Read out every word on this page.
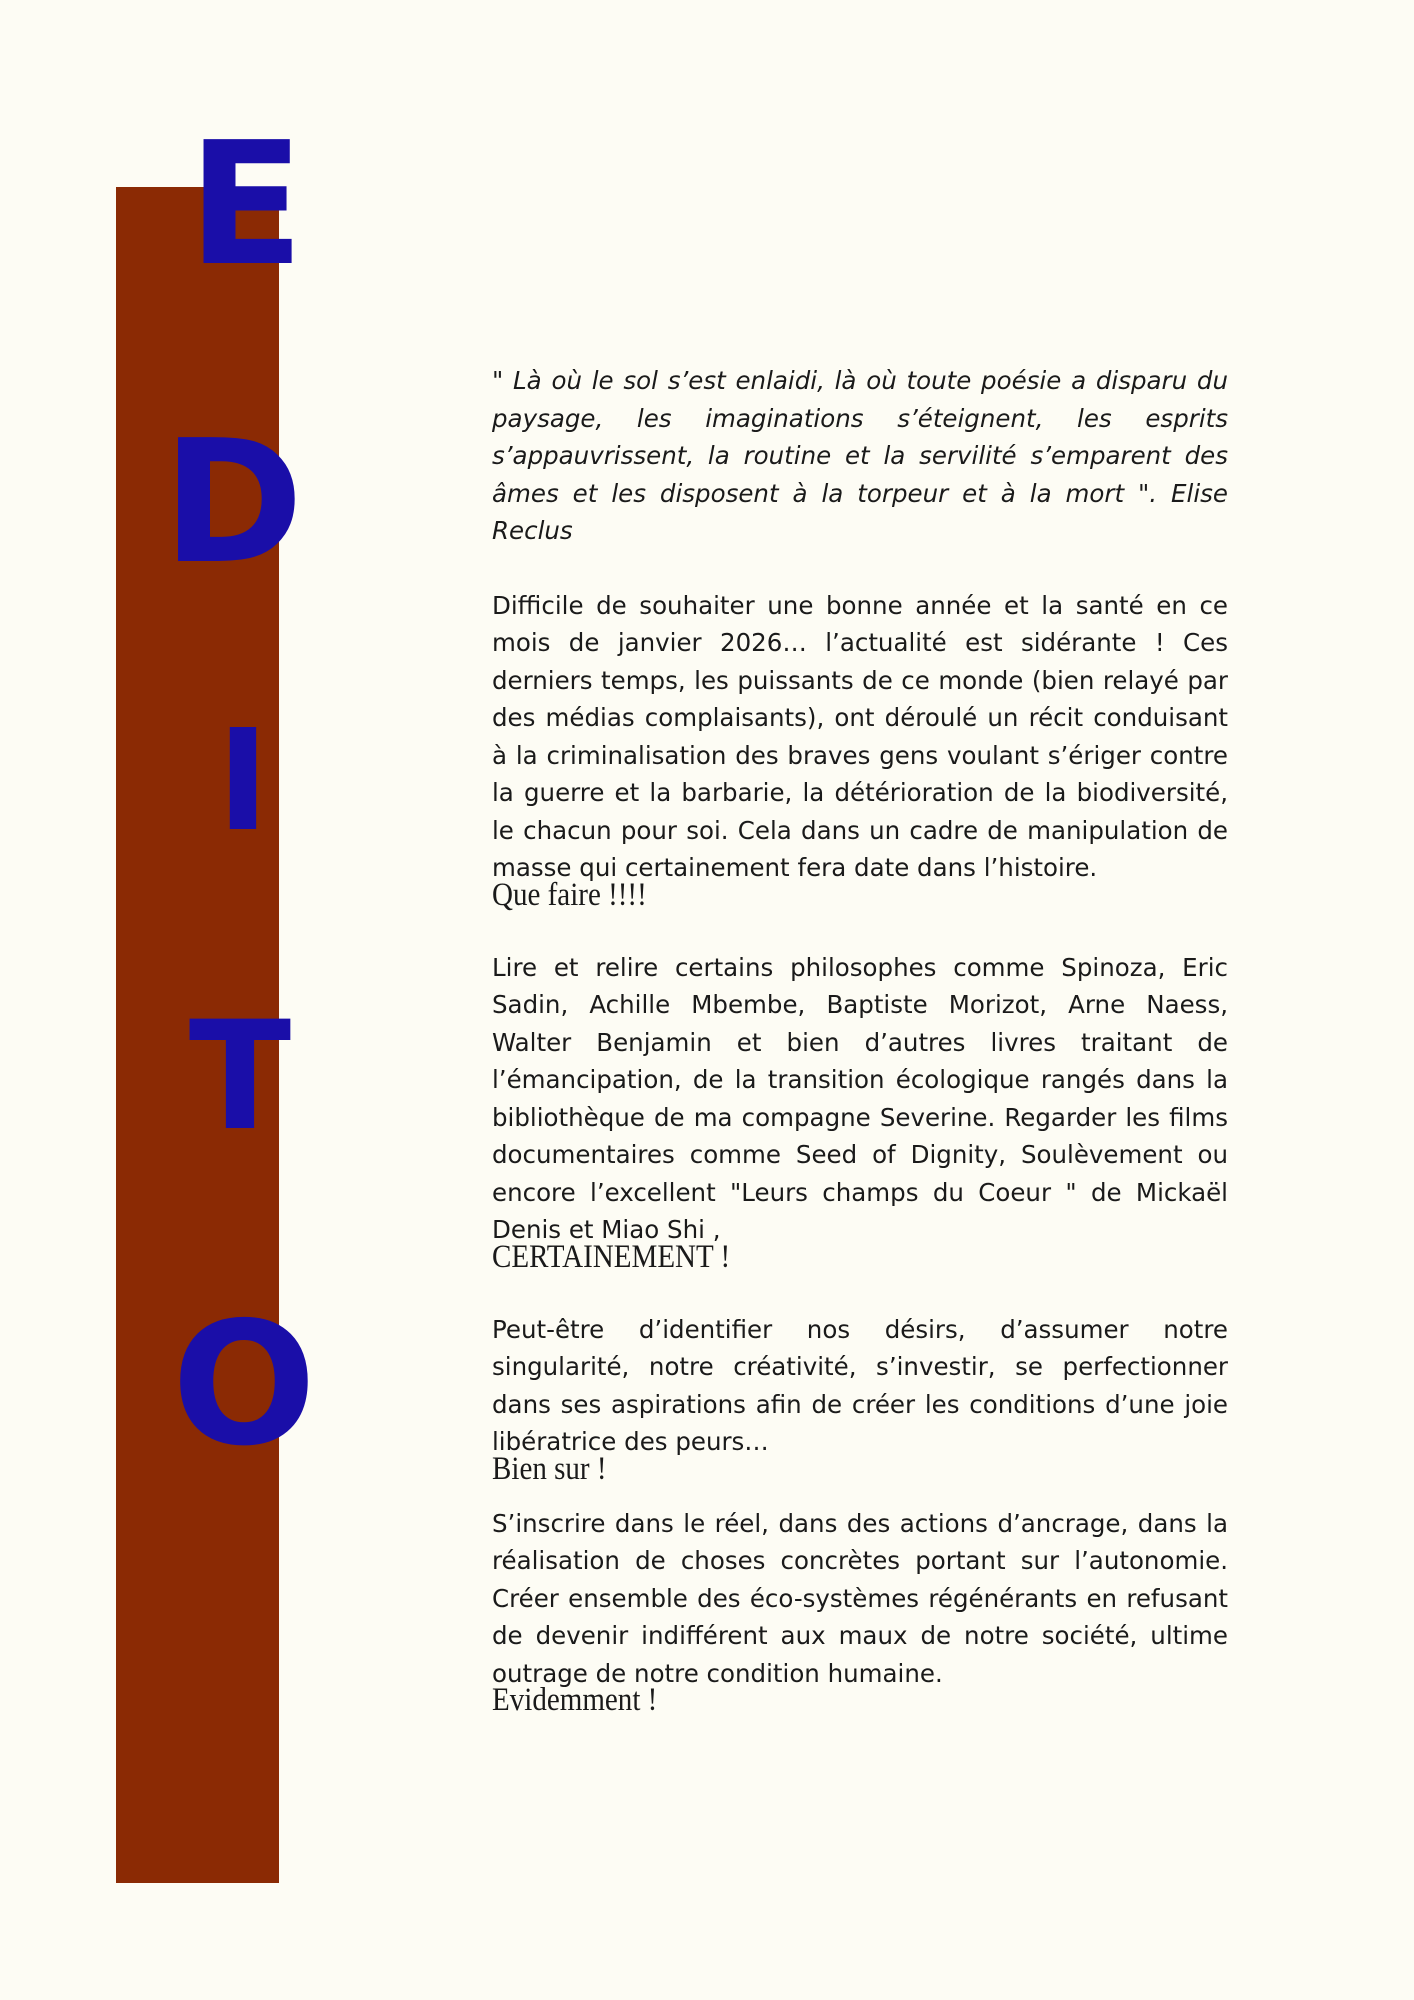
E
D
I
T
O

" Là où le sol s’est enlaidi, là où toute poésie a disparu du paysage, les imaginations s’éteignent, les esprits s’appauvrissent, la routine et la servilité s’emparent des âmes et les disposent à la torpeur et à la mort ". Elise Reclus

Difficile de souhaiter une bonne année et la santé en ce mois de janvier 2026… l’actualité est sidérante ! Ces derniers temps, les puissants de ce monde (bien relayé par des médias complaisants), ont déroulé un récit conduisant à la criminalisation des braves gens voulant s’ériger contre la guerre et la barbarie, la détérioration de la biodiversité, le chacun pour soi. Cela dans un cadre de manipulation de masse qui certainement fera date dans l’histoire.

Que faire !!!!

Lire et relire certains philosophes comme Spinoza, Eric Sadin, Achille Mbembe, Baptiste Morizot, Arne Naess, Walter Benjamin et bien d’autres livres traitant de l’émancipation, de la transition écologique rangés dans la bibliothèque de ma compagne Severine. Regarder les films documentaires comme Seed of Dignity, Soulèvement ou encore l’excellent "Leurs champs du Coeur " de Mickaël Denis et Miao Shi ,

CERTAINEMENT !

Peut-être d’identifier nos désirs, d’assumer notre singularité, notre créativité, s’investir, se perfectionner dans ses aspirations afin de créer les conditions d’une joie libératrice des peurs…

Bien sur !

S’inscrire dans le réel, dans des actions d’ancrage, dans la réalisation de choses concrètes portant sur l’autonomie. Créer ensemble des éco-systèmes régénérants en refusant de devenir indifférent aux maux de notre société, ultime outrage de notre condition humaine.

Evidemment !
